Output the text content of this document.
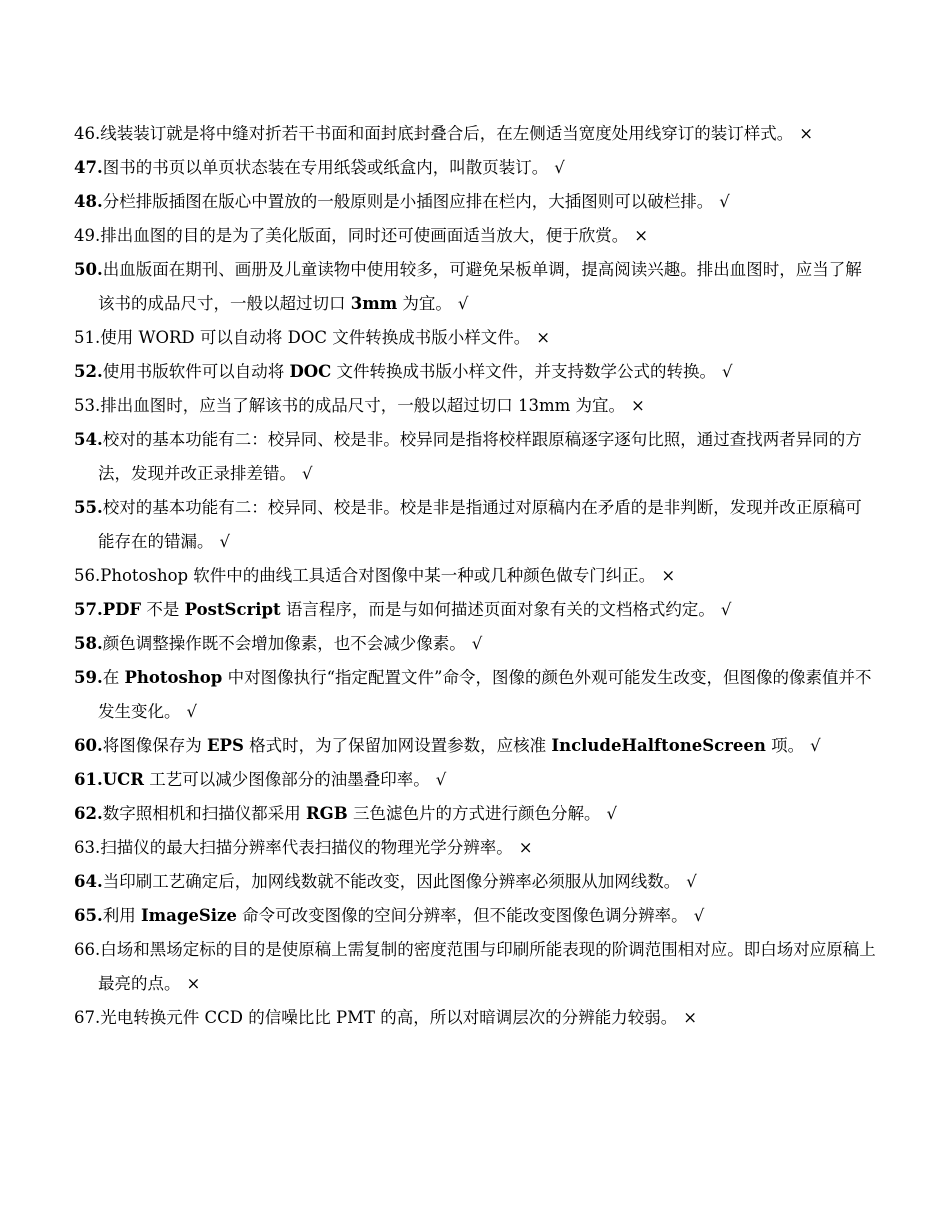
46.线装装订就是将中缝对折若干书面和面封底封叠合后，在左侧适当宽度处用线穿订的装订样式。 ×
47.图书的书页以单页状态装在专用纸袋或纸盒内，叫散页装订。 √
48.分栏排版插图在版心中置放的一般原则是小插图应排在栏内，大插图则可以破栏排。 √
49.排出血图的目的是为了美化版面，同时还可使画面适当放大，便于欣赏。 ×
50.出血版面在期刊、画册及儿童读物中使用较多，可避免呆板单调，提高阅读兴趣。排出血图时，应当了解该书的成品尺寸，一般以超过切口 3mm 为宜。 √
51.使用 WORD 可以自动将 DOC 文件转换成书版小样文件。 ×
52.使用书版软件可以自动将 DOC 文件转换成书版小样文件，并支持数学公式的转换。 √
53.排出血图时，应当了解该书的成品尺寸，一般以超过切口 13mm 为宜。 ×
54.校对的基本功能有二：校异同、校是非。校异同是指将校样跟原稿逐字逐句比照，通过查找两者异同的方法，发现并改正录排差错。 √
55.校对的基本功能有二：校异同、校是非。校是非是指通过对原稿内在矛盾的是非判断，发现并改正原稿可能存在的错漏。 √
56.Photoshop 软件中的曲线工具适合对图像中某一种或几种颜色做专门纠正。 ×
57.PDF 不是 PostScript 语言程序，而是与如何描述页面对象有关的文档格式约定。 √
58.颜色调整操作既不会增加像素，也不会减少像素。 √
59.在 Photoshop 中对图像执行“指定配置文件”命令，图像的颜色外观可能发生改变，但图像的像素值并不发生变化。 √
60.将图像保存为 EPS 格式时，为了保留加网设置参数，应核准 IncludeHalftoneScreen 项。 √
61.UCR 工艺可以减少图像部分的油墨叠印率。 √
62.数字照相机和扫描仪都采用 RGB 三色滤色片的方式进行颜色分解。 √
63.扫描仪的最大扫描分辨率代表扫描仪的物理光学分辨率。 ×
64.当印刷工艺确定后，加网线数就不能改变，因此图像分辨率必须服从加网线数。 √
65.利用 ImageSize 命令可改变图像的空间分辨率，但不能改变图像色调分辨率。 √
66.白场和黑场定标的目的是使原稿上需复制的密度范围与印刷所能表现的阶调范围相对应。即白场对应原稿上最亮的点。 ×
67.光电转换元件 CCD 的信噪比比 PMT 的高，所以对暗调层次的分辨能力较弱。 ×
